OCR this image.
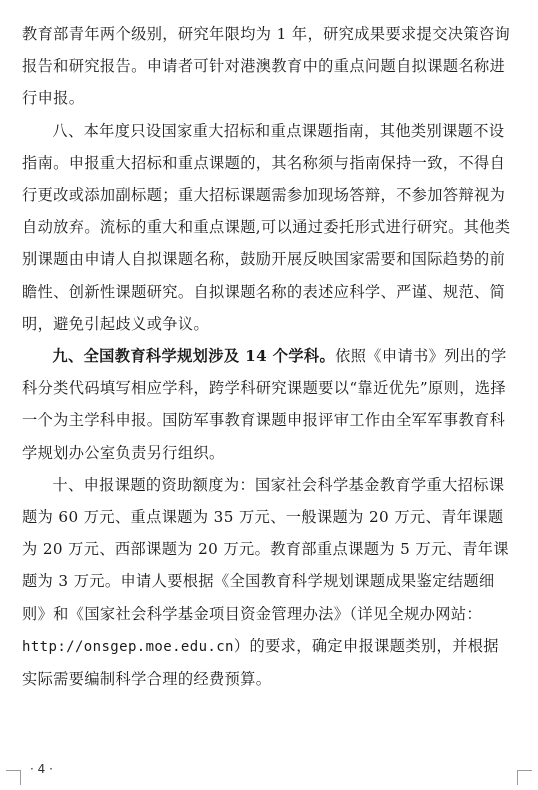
教育部青年两个级别，研究年限均为 1 年，研究成果要求提交决策咨询报告和研究报告。申请者可针对港澳教育中的重点问题自拟课题名称进行申报。

八、本年度只设国家重大招标和重点课题指南，其他类别课题不设指南。申报重大招标和重点课题的，其名称须与指南保持一致，不得自行更改或添加副标题；重大招标课题需参加现场答辩，不参加答辩视为自动放弃。流标的重大和重点课题,可以通过委托形式进行研究。其他类别课题由申请人自拟课题名称，鼓励开展反映国家需要和国际趋势的前瞻性、创新性课题研究。自拟课题名称的表述应科学、严谨、规范、简明，避免引起歧义或争议。

九、全国教育科学规划涉及 14 个学科。依照《申请书》列出的学科分类代码填写相应学科，跨学科研究课题要以“靠近优先”原则，选择一个为主学科申报。国防军事教育课题申报评审工作由全军军事教育科学规划办公室负责另行组织。

十、申报课题的资助额度为：国家社会科学基金教育学重大招标课题为 60 万元、重点课题为 35 万元、一般课题为 20 万元、青年课题为 20 万元、西部课题为 20 万元。教育部重点课题为 5 万元、青年课题为 3 万元。申请人要根据《全国教育科学规划课题成果鉴定结题细则》和《国家社会科学基金项目资金管理办法》（详见全规办网站：http://onsgep.moe.edu.cn）的要求，确定申报课题类别，并根据实际需要编制科学合理的经费预算。

· 4 ·
